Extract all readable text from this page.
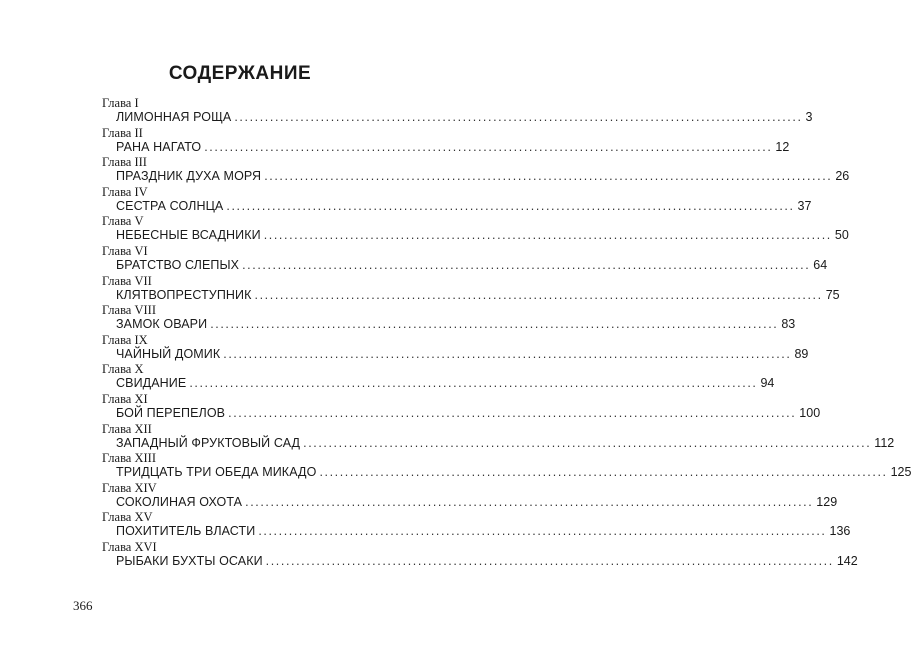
СОДЕРЖАНИЕ
Глава I
ЛИМОННАЯ РОЩА ................................................................................................................ 3
Глава II
РАНА НАГАТО ................................................................................................................ 12
Глава III
ПРАЗДНИК ДУХА МОРЯ ................................................................................................................ 26
Глава IV
СЕСТРА СОЛНЦА ................................................................................................................ 37
Глава V
НЕБЕСНЫЕ ВСАДНИКИ ................................................................................................................ 50
Глава VI
БРАТСТВО СЛЕПЫХ ................................................................................................................ 64
Глава VII
КЛЯТВОПРЕСТУПНИК ................................................................................................................ 75
Глава VIII
ЗАМОК ОВАРИ ................................................................................................................ 83
Глава IX
ЧАЙНЫЙ ДОМИК ................................................................................................................ 89
Глава X
СВИДАНИЕ ................................................................................................................ 94
Глава XI
БОЙ ПЕРЕПЕЛОВ ................................................................................................................ 100
Глава XII
ЗАПАДНЫЙ ФРУКТОВЫЙ САД ................................................................................................................ 112
Глава XIII
ТРИДЦАТЬ ТРИ ОБЕДА МИКАДО ................................................................................................................ 125
Глава XIV
СОКОЛИНАЯ ОХОТА ................................................................................................................ 129
Глава XV
ПОХИТИТЕЛЬ ВЛАСТИ ................................................................................................................ 136
Глава XVI
РЫБАКИ БУХТЫ ОСАКИ ................................................................................................................ 142
366
